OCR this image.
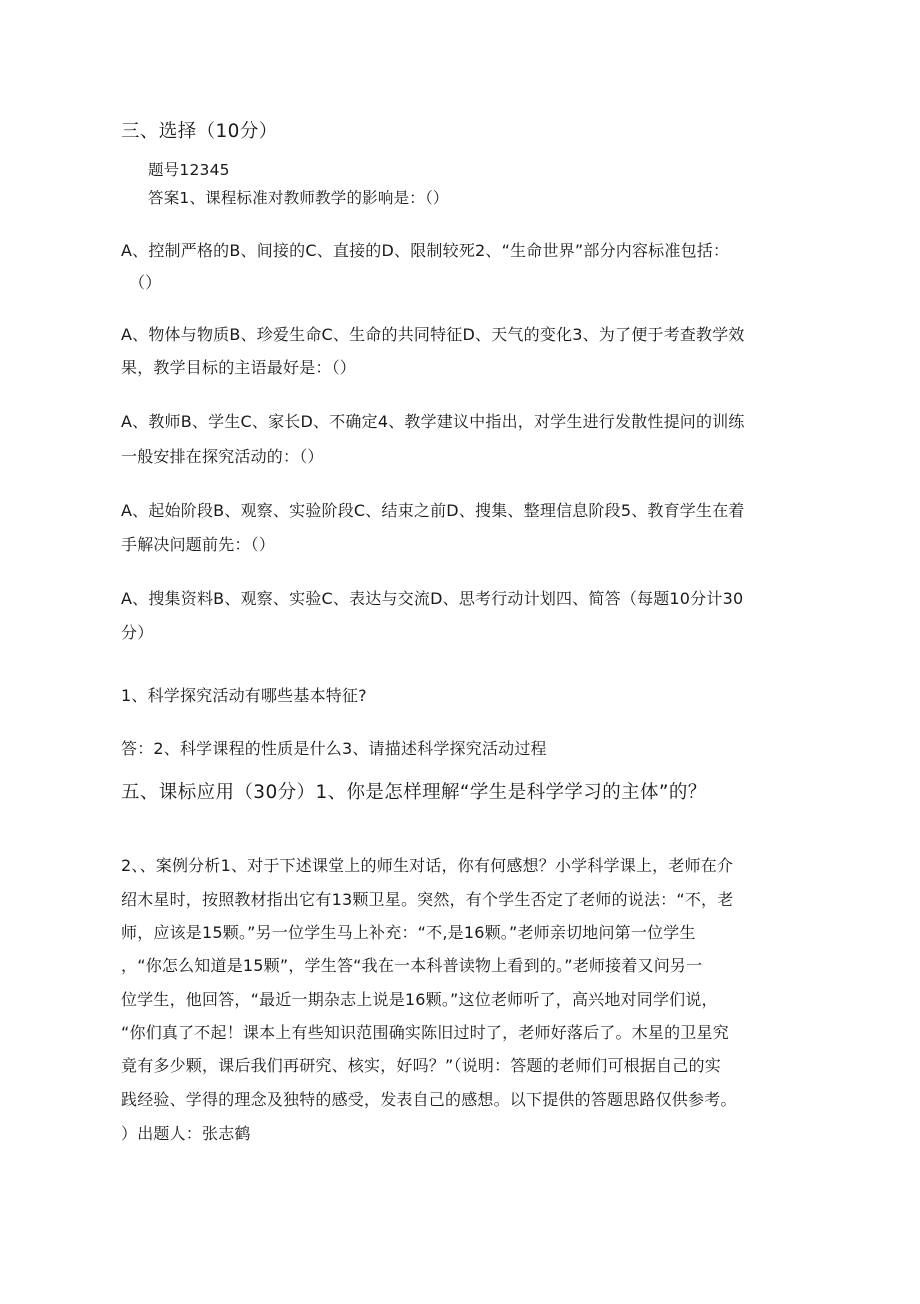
三、选择（10分）
题号12345
答案1、课程标准对教师教学的影响是：（）
A、控制严格的B、间接的C、直接的D、限制较死2、“生命世界”部分内容标准包括：
（）
A、物体与物质B、珍爱生命C、生命的共同特征D、天气的变化3、为了便于考查教学效
果，教学目标的主语最好是：（）
A、教师B、学生C、家长D、不确定4、教学建议中指出，对学生进行发散性提问的训练
一般安排在探究活动的：（）
A、起始阶段B、观察、实验阶段C、结束之前D、搜集、整理信息阶段5、教育学生在着
手解决问题前先：（）
A、搜集资料B、观察、实验C、表达与交流D、思考行动计划四、简答（每题10分计30
分）
1、科学探究活动有哪些基本特征?
答：2、科学课程的性质是什么3、请描述科学探究活动过程
五、课标应用（30分）1、你是怎样理解“学生是科学学习的主体”的？
2、、案例分析1、对于下述课堂上的师生对话，你有何感想？小学科学课上，老师在介
绍木星时，按照教材指出它有13颗卫星。突然，有个学生否定了老师的说法：“不，老
师，应该是15颗。”另一位学生马上补充：“不,是16颗。”老师亲切地问第一位学生
，“你怎么知道是15颗”，学生答“我在一本科普读物上看到的。”老师接着又问另一
位学生，他回答，“最近一期杂志上说是16颗。”这位老师听了，高兴地对同学们说，
“你们真了不起！课本上有些知识范围确实陈旧过时了，老师好落后了。木星的卫星究
竟有多少颗，课后我们再研究、核实，好吗？”（说明：答题的老师们可根据自己的实
践经验、学得的理念及独特的感受，发表自己的感想。以下提供的答题思路仅供参考。
）出题人：张志鹤
